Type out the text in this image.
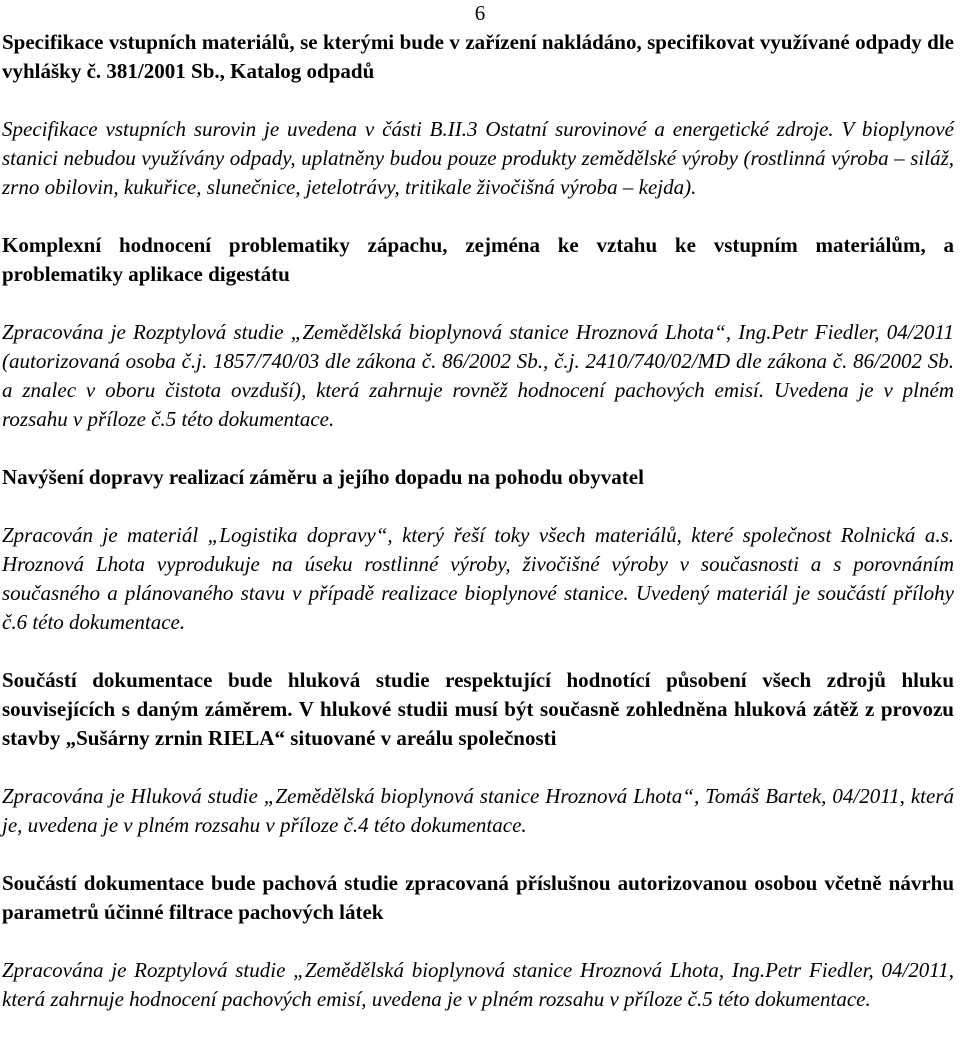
6

Specifikace vstupních materiálů, se kterými bude v zařízení nakládáno, specifikovat využívané odpady dle vyhlášky č. 381/2001 Sb., Katalog odpadů

Specifikace vstupních surovin je uvedena v části B.II.3 Ostatní surovinové a energetické zdroje. V bioplynové stanici nebudou využívány odpady, uplatněny budou pouze produkty zemědělské výroby (rostlinná výroba – siláž, zrno obilovin, kukuřice, slunečnice, jetelotrávy, tritikale živočišná výroba – kejda).

Komplexní hodnocení problematiky zápachu, zejména ke vztahu ke vstupním materiálům, a problematiky aplikace digestátu

Zpracována je Rozptylová studie „Zemědělská bioplynová stanice Hroznová Lhota“, Ing.Petr Fiedler, 04/2011 (autorizovaná osoba č.j. 1857/740/03 dle zákona č. 86/2002 Sb., č.j. 2410/740/02/MD dle zákona č. 86/2002 Sb. a znalec v oboru čistota ovzduší), která zahrnuje rovněž hodnocení pachových emisí. Uvedena je v plném rozsahu v příloze č.5 této dokumentace.

Navýšení dopravy realizací záměru a jejího dopadu na pohodu obyvatel

Zpracován je materiál „Logistika dopravy“, který řeší toky všech materiálů, které společnost Rolnická a.s. Hroznová Lhota vyprodukuje na úseku rostlinné výroby, živočišné výroby v současnosti a s porovnáním současného a plánovaného stavu v případě realizace bioplynové stanice. Uvedený materiál je součástí přílohy č.6 této dokumentace.

Součástí dokumentace bude hluková studie respektující hodnotící působení všech zdrojů hluku souvisejících s daným záměrem. V hlukové studii musí být současně zohledněna hluková zátěž z provozu stavby „Sušárny zrnin RIELA“ situované v areálu společnosti

Zpracována je Hluková studie „Zemědělská bioplynová stanice Hroznová Lhota“, Tomáš Bartek, 04/2011, která je, uvedena je v plném rozsahu v příloze č.4 této dokumentace.

Součástí dokumentace bude pachová studie zpracovaná příslušnou autorizovanou osobou včetně návrhu parametrů účinné filtrace pachových látek

Zpracována je Rozptylová studie „Zemědělská bioplynová stanice Hroznová Lhota, Ing.Petr Fiedler, 04/2011, která zahrnuje hodnocení pachových emisí, uvedena je v plném rozsahu v příloze č.5 této dokumentace.
